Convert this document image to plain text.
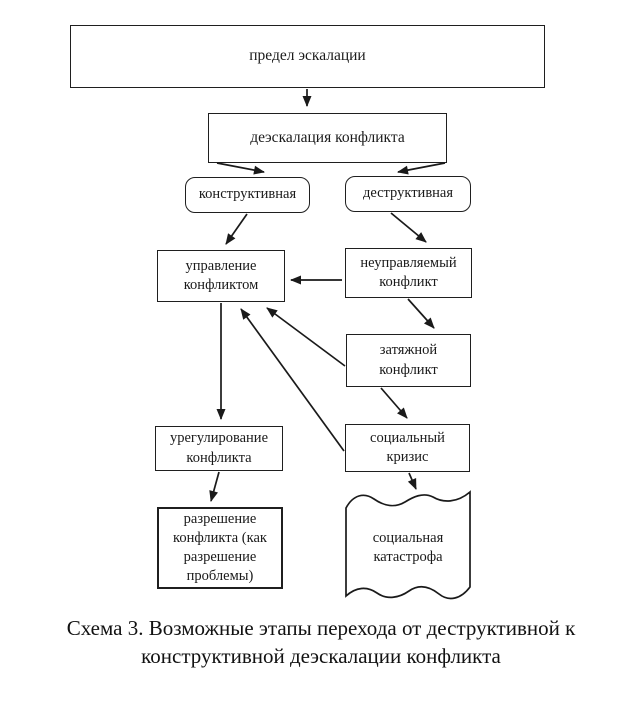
предел эскалации
деэскалация конфликта
конструктивная	деструктивная
управление конфликтом
неуправляемый конфликт
затяжной конфликт
урегулирование конфликта
социальный кризис
разрешение конфликта (как разрешение проблемы)
социальная катастрофа
Схема 3. Возможные этапы перехода от деструктивной к конструктивной деэскалации конфликта
